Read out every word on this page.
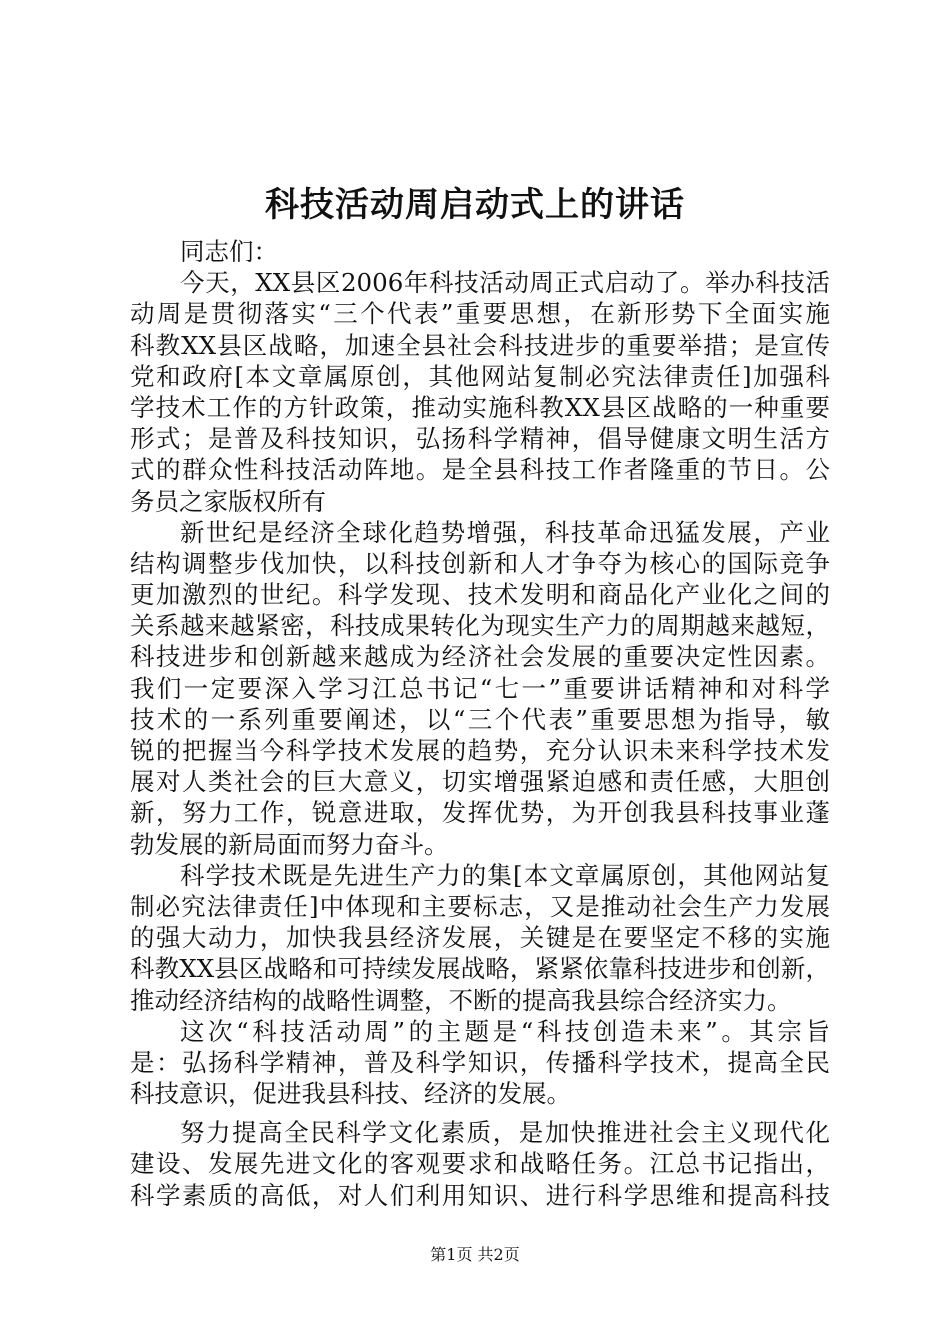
科技活动周启动式上的讲话
同志们：
今天，XX县区2006年科技活动周正式启动了。举办科技活
动周是贯彻落实“三个代表”重要思想，在新形势下全面实施
科教XX县区战略，加速全县社会科技进步的重要举措；是宣传
党和政府[本文章属原创，其他网站复制必究法律责任]加强科
学技术工作的方针政策，推动实施科教XX县区战略的一种重要
形式；是普及科技知识，弘扬科学精神，倡导健康文明生活方
式的群众性科技活动阵地。是全县科技工作者隆重的节日。公
务员之家版权所有
新世纪是经济全球化趋势增强，科技革命迅猛发展，产业
结构调整步伐加快，以科技创新和人才争夺为核心的国际竞争
更加激烈的世纪。科学发现、技术发明和商品化产业化之间的
关系越来越紧密，科技成果转化为现实生产力的周期越来越短，
科技进步和创新越来越成为经济社会发展的重要决定性因素。
我们一定要深入学习江总书记“七一”重要讲话精神和对科学
技术的一系列重要阐述，以“三个代表”重要思想为指导，敏
锐的把握当今科学技术发展的趋势，充分认识未来科学技术发
展对人类社会的巨大意义，切实增强紧迫感和责任感，大胆创
新，努力工作，锐意进取，发挥优势，为开创我县科技事业蓬
勃发展的新局面而努力奋斗。
科学技术既是先进生产力的集[本文章属原创，其他网站复
制必究法律责任]中体现和主要标志，又是推动社会生产力发展
的强大动力，加快我县经济发展，关键是在要坚定不移的实施
科教XX县区战略和可持续发展战略，紧紧依靠科技进步和创新，
推动经济结构的战略性调整，不断的提高我县综合经济实力。
这次“科技活动周”的主题是“科技创造未来”。其宗旨
是：弘扬科学精神，普及科学知识，传播科学技术，提高全民
科技意识，促进我县科技、经济的发展。
努力提高全民科学文化素质，是加快推进社会主义现代化
建设、发展先进文化的客观要求和战略任务。江总书记指出，
科学素质的高低，对人们利用知识、进行科学思维和提高科技
第1页 共2页
